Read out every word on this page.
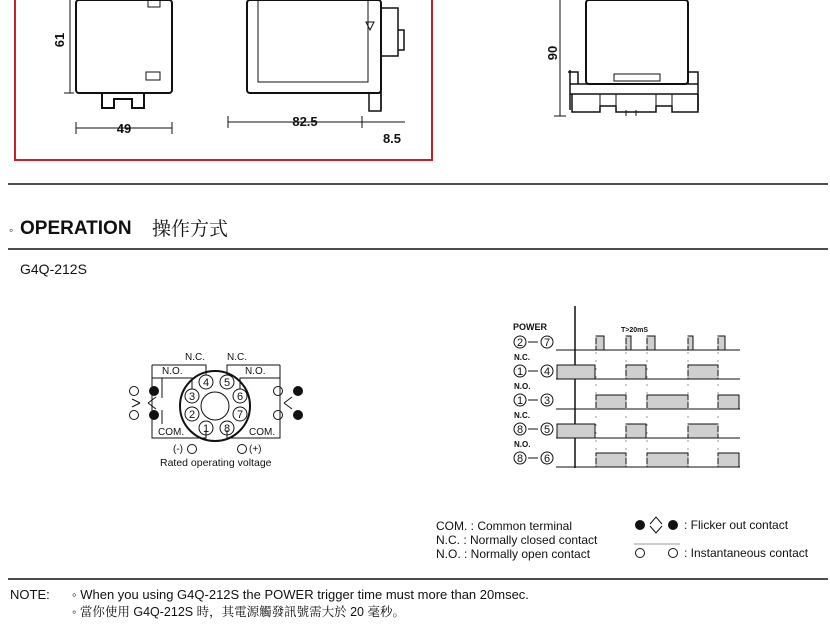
61
49	82.5
8.5
90
◦ OPERATION 操作方式
G4Q-212S
N.C. N.C.
N.O.	N.O.
COM.	COM.
1
2
3
4 5
6
7
8
(-)	(+)
Rated operating voltage
POWER	T>20mS
N.C.
N.O.
N.C.
N.O.
2 7
1 4
1 3
8 5
8 6
COM. : Common terminal
N.C. : Normally closed contact
N.O. : Normally open contact
: Flicker out contact
: Instantaneous contact
NOTE: ◦ When you using G4Q-212S the POWER trigger time must more than 20msec.
◦ 當你使用 G4Q-212S 時，其電源觸發訊號需大於 20 毫秒。
